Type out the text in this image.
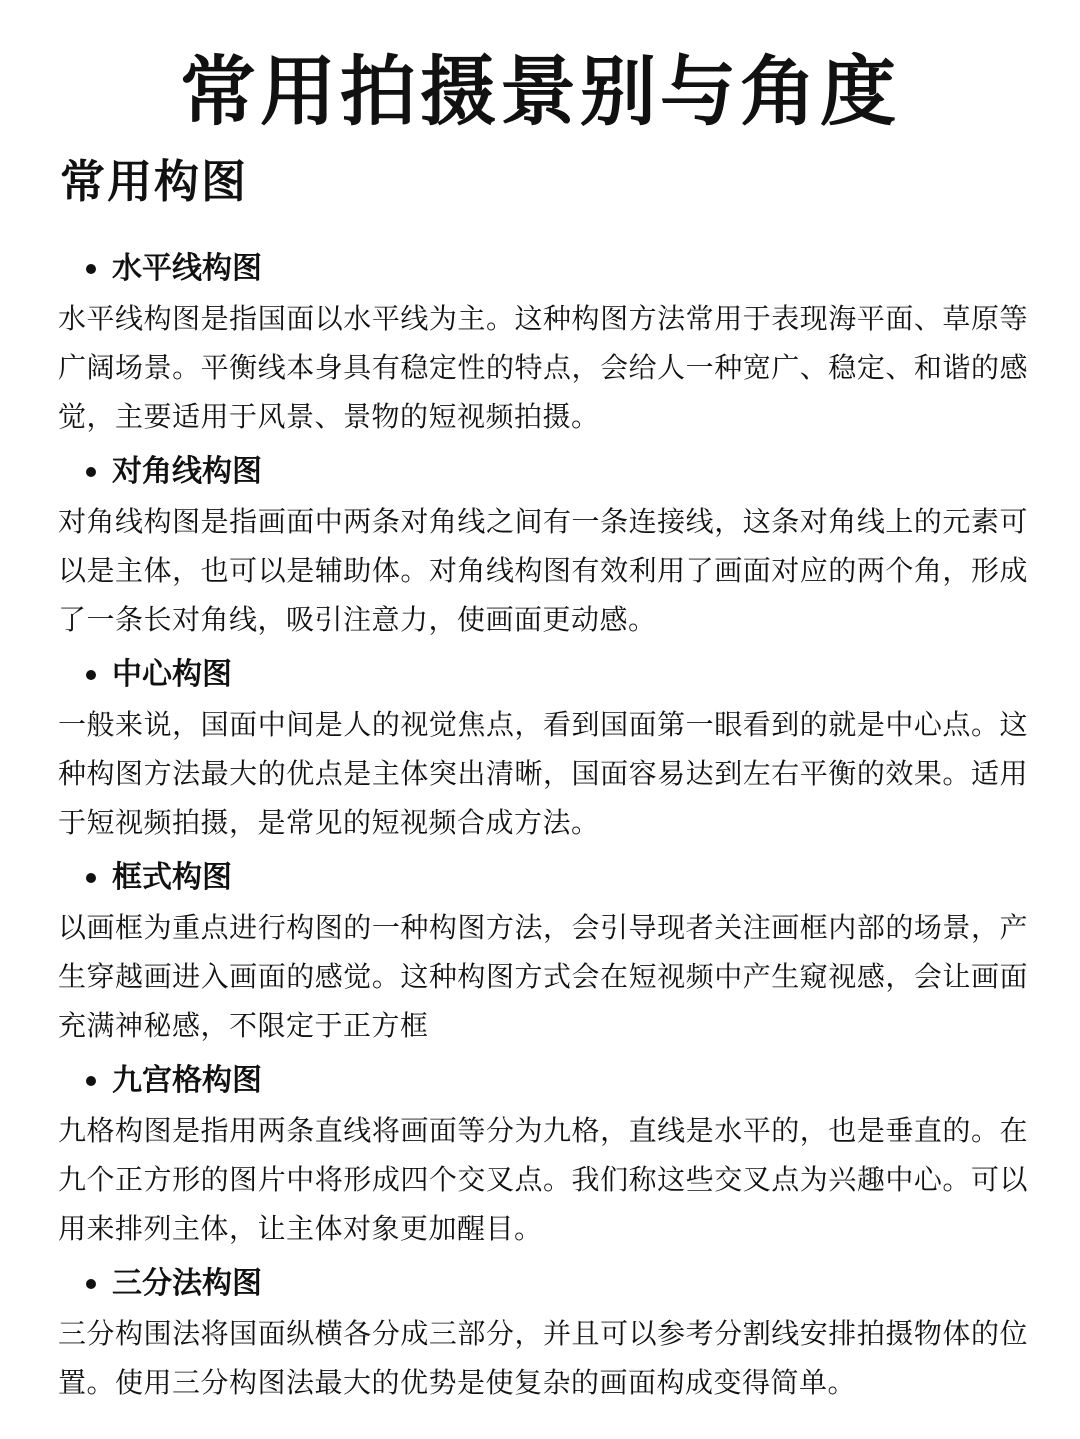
常用拍摄景别与角度
常用构图
水平线构图

水平线构图是指国面以水平线为主。这种构图方法常用于表现海平面、草原等广阔场景。平衡线本身具有稳定性的特点，会给人一种宽广、稳定、和谐的感觉，主要适用于风景、景物的短视频拍摄。

对角线构图

对角线构图是指画面中两条对角线之间有一条连接线，这条对角线上的元素可以是主体，也可以是辅助体。对角线构图有效利用了画面对应的两个角，形成了一条长对角线，吸引注意力，使画面更动感。

中心构图

一般来说，国面中间是人的视觉焦点，看到国面第一眼看到的就是中心点。这种构图方法最大的优点是主体突出清晰，国面容易达到左右平衡的效果。适用于短视频拍摄，是常见的短视频合成方法。

框式构图

以画框为重点进行构图的一种构图方法，会引导现者关注画框内部的场景，产生穿越画进入画面的感觉。这种构图方式会在短视频中产生窥视感，会让画面充满神秘感，不限定于正方框

九宫格构图

九格构图是指用两条直线将画面等分为九格，直线是水平的，也是垂直的。在九个正方形的图片中将形成四个交叉点。我们称这些交叉点为兴趣中心。可以用来排列主体，让主体对象更加醒目。

三分法构图

三分构围法将国面纵横各分成三部分，并且可以参考分割线安排拍摄物体的位置。使用三分构图法最大的优势是使复杂的画面构成变得简单。
